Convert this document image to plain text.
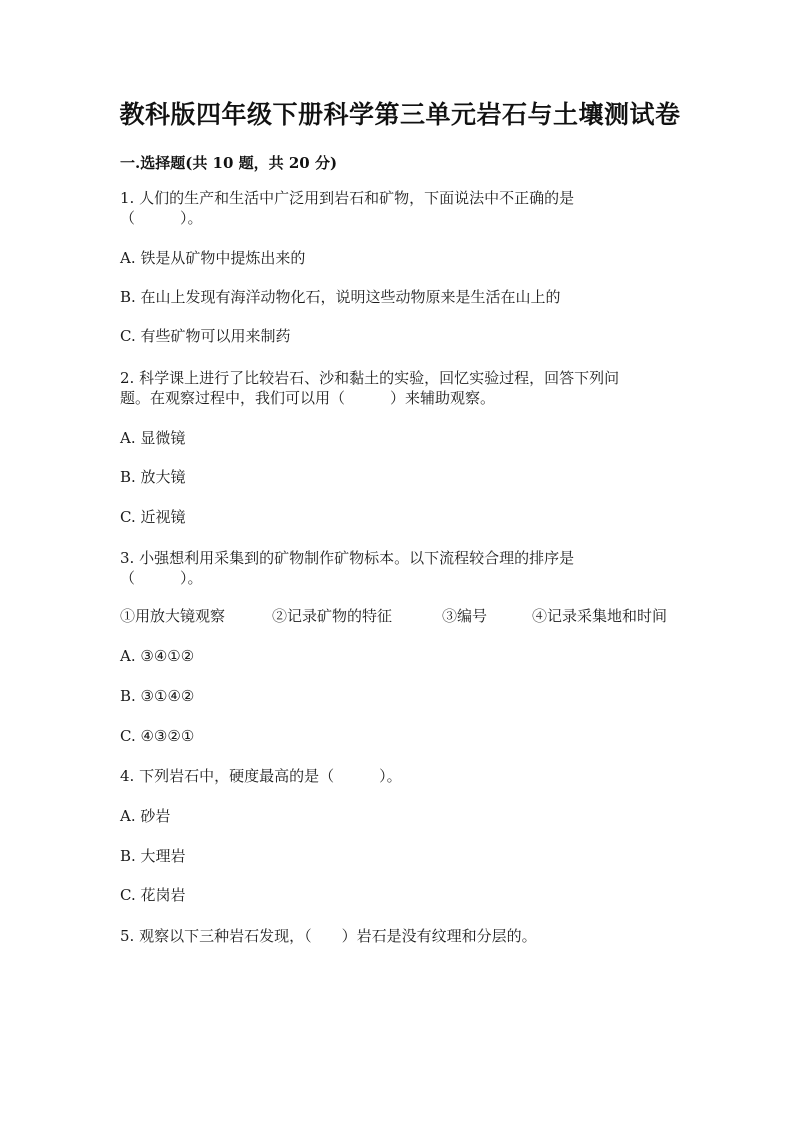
教科版四年级下册科学第三单元岩石与土壤测试卷
一.选择题(共 10 题，共 20 分)
1. 人们的生产和生活中广泛用到岩石和矿物，下面说法中不正确的是
（　　　）。
A. 铁是从矿物中提炼出来的
B. 在山上发现有海洋动物化石，说明这些动物原来是生活在山上的
C. 有些矿物可以用来制药
2. 科学课上进行了比较岩石、沙和黏土的实验，回忆实验过程，回答下列问
题。在观察过程中，我们可以用（　　　）来辅助观察。
A. 显微镜
B. 放大镜
C. 近视镜
3. 小强想利用采集到的矿物制作矿物标本。以下流程较合理的排序是
（　　　）。
①用放大镜观察	②记录矿物的特征	③编号	④记录采集地和时间
A. ③④①②
B. ③①④②
C. ④③②①
4. 下列岩石中，硬度最高的是（　　　）。
A. 砂岩
B. 大理岩
C. 花岗岩
5. 观察以下三种岩石发现，（　　）岩石是没有纹理和分层的。
